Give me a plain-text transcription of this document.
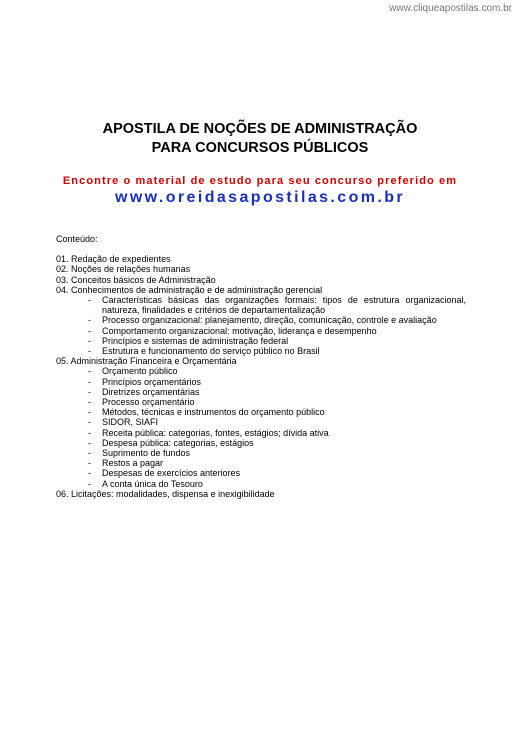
www.cliqueapostilas.com.br
APOSTILA DE NOÇÕES DE ADMINISTRAÇÃO
PARA CONCURSOS PÚBLICOS
Encontre o material de estudo para seu concurso preferido em
www.oreidasapostilas.com.br
Conteúdo:
01. Redação de expedientes
02. Noções de relações humanas
03. Conceitos básicos de Administração
04. Conhecimentos de administração e de administração gerencial
- Características básicas das organizações formais: tipos de estrutura organizacional, natureza, finalidades e critérios de departamentalização
- Processo organizacional: planejamento, direção, comunicação, controle e avaliação
- Comportamento organizacional: motivação, liderança e desempenho
- Princípios e sistemas de administração federal
- Estrutura e funcionamento do serviço público no Brasil
05. Administração Financeira e Orçamentária
- Orçamento público
- Princípios orçamentários
- Diretrizes orçamentárias
- Processo orçamentário
- Métodos, técnicas e instrumentos do orçamento público
- SIDOR, SIAFI
- Receita pública: categorias, fontes, estágios; dívida ativa
- Despesa pública: categorias, estágios
- Suprimento de fundos
- Restos a pagar
- Despesas de exercícios anteriores
- A conta única do Tesouro
06. Licitações: modalidades, dispensa e inexigibilidade
